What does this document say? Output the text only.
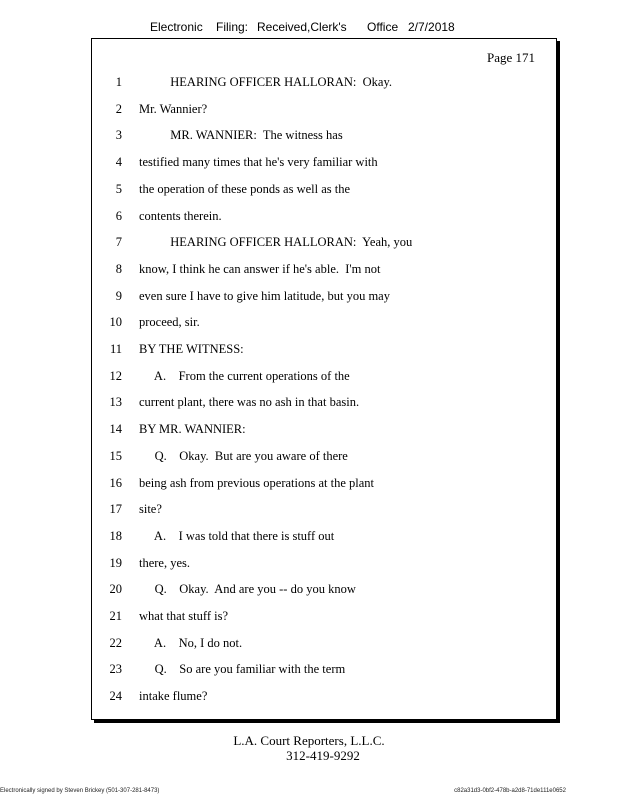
Electronic Filing: Received,Clerk's Office 2/7/2018
Page 171
1 HEARING OFFICER HALLORAN:  Okay.
2 Mr. Wannier?
3 MR. WANNIER:  The witness has
4 testified many times that he's very familiar with
5 the operation of these ponds as well as the
6 contents therein.
7 HEARING OFFICER HALLORAN:  Yeah, you
8 know, I think he can answer if he's able.  I'm not
9 even sure I have to give him latitude, but you may
10 proceed, sir.
11 BY THE WITNESS:
12 A.    From the current operations of the
13 current plant, there was no ash in that basin.
14 BY MR. WANNIER:
15 Q.    Okay.  But are you aware of there
16 being ash from previous operations at the plant
17 site?
18 A.    I was told that there is stuff out
19 there, yes.
20 Q.    Okay.  And are you -- do you know
21 what that stuff is?
22 A.    No, I do not.
23 Q.    So are you familiar with the term
24 intake flume?
L.A. Court Reporters, L.L.C.
312-419-9292
Electronically signed by Steven Brickey (501-307-281-8473)	c82a31d3-0bf2-478b-a2d8-71de111e0652
